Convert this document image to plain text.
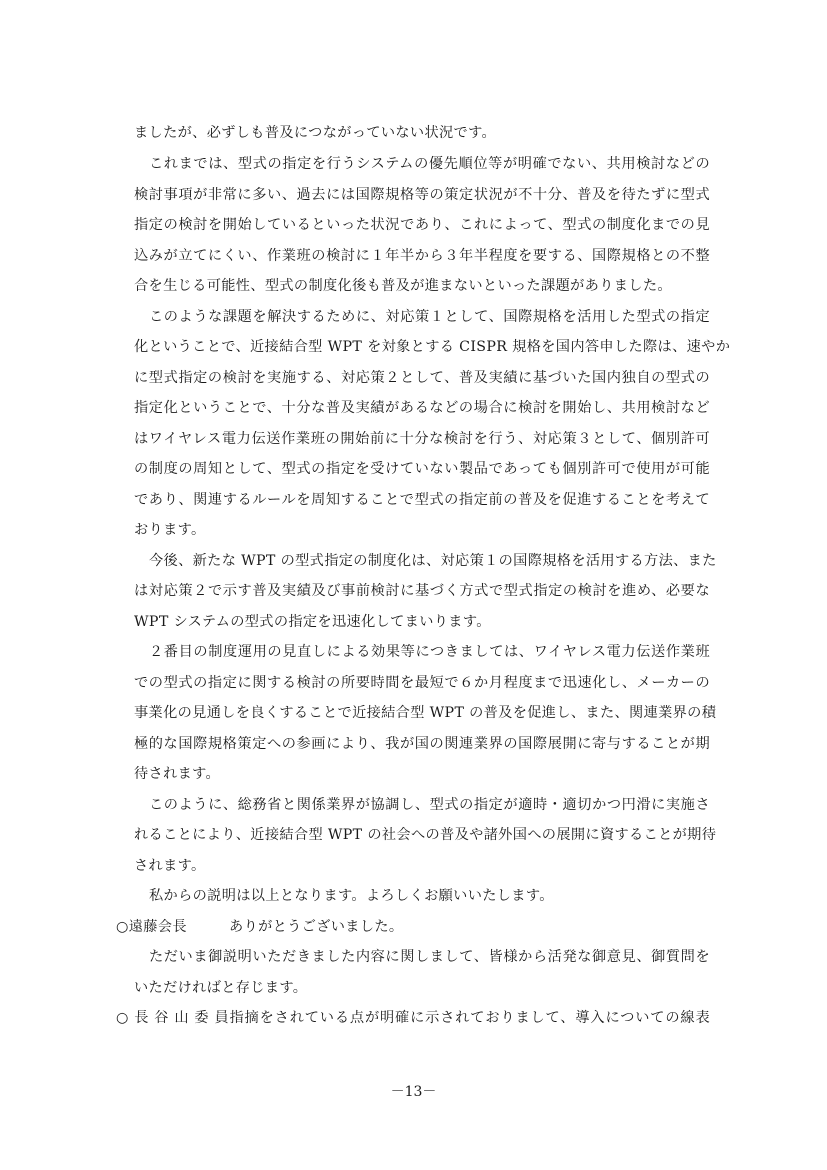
ましたが、必ずしも普及につながっていない状況です。
これまでは、型式の指定を行うシステムの優先順位等が明確でない、共用検討などの
検討事項が非常に多い、過去には国際規格等の策定状況が不十分、普及を待たずに型式
指定の検討を開始しているといった状況であり、これによって、型式の制度化までの見
込みが立てにくい、作業班の検討に１年半から３年半程度を要する、国際規格との不整
合を生じる可能性、型式の制度化後も普及が進まないといった課題がありました。
このような課題を解決するために、対応策１として、国際規格を活用した型式の指定
化ということで、近接結合型 WPT を対象とする CISPR 規格を国内答申した際は、速やか
に型式指定の検討を実施する、対応策２として、普及実績に基づいた国内独自の型式の
指定化ということで、十分な普及実績があるなどの場合に検討を開始し、共用検討など
はワイヤレス電力伝送作業班の開始前に十分な検討を行う、対応策３として、個別許可
の制度の周知として、型式の指定を受けていない製品であっても個別許可で使用が可能
であり、関連するルールを周知することで型式の指定前の普及を促進することを考えて
おります。
今後、新たな WPT の型式指定の制度化は、対応策１の国際規格を活用する方法、また
は対応策２で示す普及実績及び事前検討に基づく方式で型式指定の検討を進め、必要な
WPT システムの型式の指定を迅速化してまいります。
２番目の制度運用の見直しによる効果等につきましては、ワイヤレス電力伝送作業班
での型式の指定に関する検討の所要時間を最短で６か月程度まで迅速化し、メーカーの
事業化の見通しを良くすることで近接結合型 WPT の普及を促進し、また、関連業界の積
極的な国際規格策定への参画により、我が国の関連業界の国際展開に寄与することが期
待されます。
このように、総務省と関係業界が協調し、型式の指定が適時・適切かつ円滑に実施さ
れることにより、近接結合型 WPT の社会への普及や諸外国への展開に資することが期待
されます。
私からの説明は以上となります。よろしくお願いいたします。
○遠藤会長	ありがとうございました。
ただいま御説明いただきました内容に関しまして、皆様から活発な御意見、御質問を
いただければと存じます。
○長谷山委員指摘をされている点が明確に示されておりまして、導入についての線表
－13－
